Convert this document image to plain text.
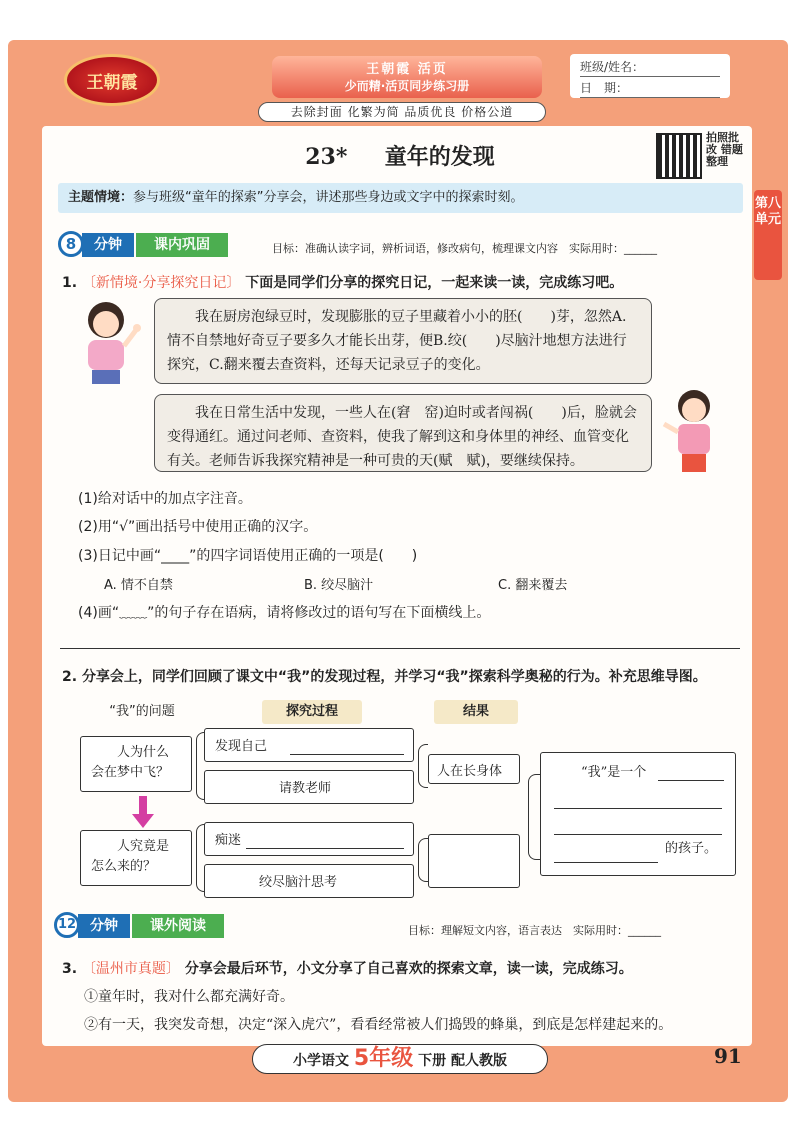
王朝霞
王朝霞 活页
少而精·活页同步练习册
班级/姓名：
日　期：
去除封面 化繁为简 品质优良 价格公道
23* 　 童年的发现
拍照批改 错题整理
第八单元
主题情境：参与班级“童年的探索”分享会，讲述那些身边或文字中的探索时刻。
8	分钟	课内巩固	目标：准确认读字词，辨析词语，修改病句，梳理课文内容　实际用时：______
1. 〔新情境·分享探究日记〕 下面是同学们分享的探究日记，一起来读一读，完成练习吧。
我在厨房泡绿豆时，发现膨胀的豆子里藏着小小的胚(　　)芽，忽然A.情不自禁地好奇豆子要多久才能长出芽，便B.绞(　　)尽脑汁地想方法进行探究，C.翻来覆去查资料，还每天记录豆子的变化。
我在日常生活中发现，一些人在(窘　窑)迫时或者闯祸(　　)后，脸就会变得通红。通过问老师、查资料，使我了解到这和身体里的神经、血管变化有关。老师告诉我探究精神是一种可贵的天(赋　赋)，要继续保持。
(1)给对话中的加点字注音。
(2)用“√”画出括号中使用正确的汉字。
(3)日记中画“____”的四字词语使用正确的一项是(　　)
A. 情不自禁	B. 绞尽脑汁	C. 翻来覆去
(4)画“﹏﹏”的句子存在语病，请将修改过的语句写在下面横线上。
2. 分享会上，同学们回顾了课文中“我”的发现过程，并学习“我”探索科学奥秘的行为。补充思维导图。
“我”的问题	探究过程	结果
人为什么会在梦中飞？
人究竟是怎么来的？
发现自己
请教老师
痴迷
绞尽脑汁思考
人在长身体	“我”是一个
的孩子。
12 分钟	课外阅读	目标：理解短文内容，语言表达　实际用时：______
3. 〔温州市真题〕 分享会最后环节，小文分享了自己喜欢的探索文章，读一读，完成练习。
①童年时，我对什么都充满好奇。
②有一天，我突发奇想，决定“深入虎穴”，看看经常被人们捣毁的蜂巢，到底是怎样建起来的。
小学语文 5年级 下册 配人教版	91
